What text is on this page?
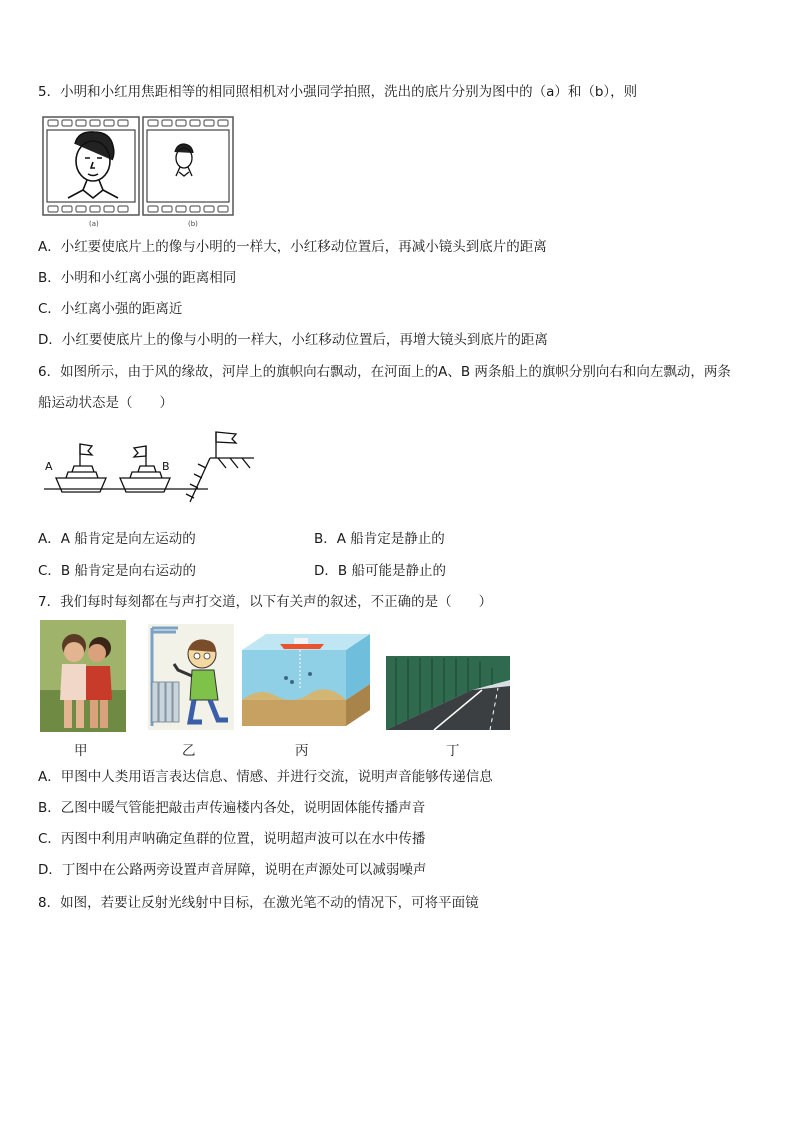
5．小明和小红用焦距相等的相同照相机对小强同学拍照，洗出的底片分别为图中的（a）和（b），则
(a)	(b)
A．小红要使底片上的像与小明的一样大，小红移动位置后，再减小镜头到底片的距离
B．小明和小红离小强的距离相同
C．小红离小强的距离近
D．小红要使底片上的像与小明的一样大，小红移动位置后，再增大镜头到底片的距离
6．如图所示，由于风的缘故，河岸上的旗帜向右飘动，在河面上的A、B 两条船上的旗帜分别向右和向左飘动，两条
船运动状态是（　　）
A	B
A．A 船肯定是向左运动的	B．A 船肯定是静止的
C．B 船肯定是向右运动的	D．B 船可能是静止的
7．我们每时每刻都在与声打交道，以下有关声的叙述，不正确的是（　　）
甲	乙	丙	丁
A．甲图中人类用语言表达信息、情感、并进行交流，说明声音能够传递信息
B．乙图中暖气管能把敲击声传遍楼内各处，说明固体能传播声音
C．丙图中利用声呐确定鱼群的位置，说明超声波可以在水中传播
D．丁图中在公路两旁设置声音屏障，说明在声源处可以减弱噪声
8．如图，若要让反射光线射中目标，在激光笔不动的情况下，可将平面镜
